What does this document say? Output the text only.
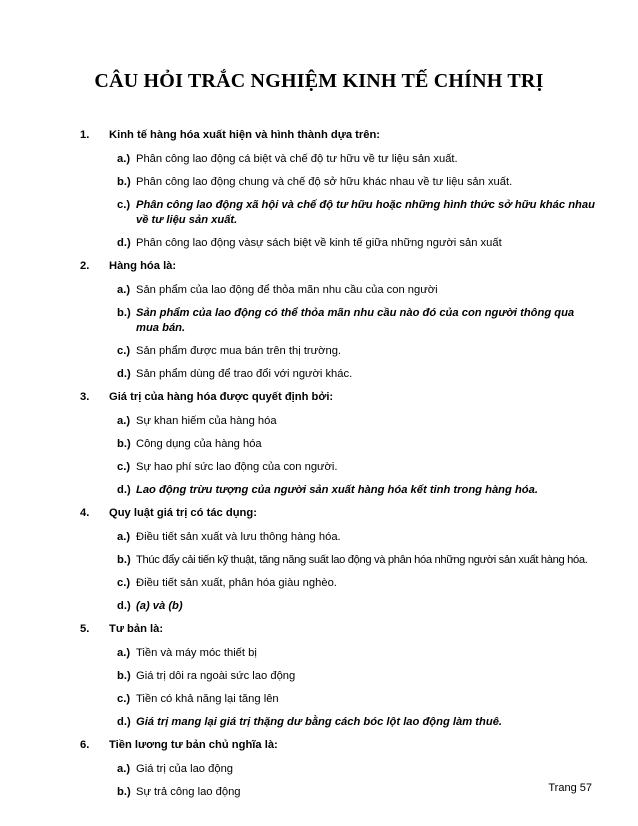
CÂU HỎI TRẮC NGHIỆM KINH TẾ CHÍNH TRỊ
1. Kinh tế hàng hóa xuất hiện và hình thành dựa trên:
a.) Phân công lao động cá biệt và chế độ tư hữu về tư liệu sản xuất.
b.) Phân công lao động chung và chế độ sở hữu khác nhau về tư liệu sản xuất.
c.) Phân công lao động xã hội và chế độ tư hữu hoặc những hình thức sở hữu khác nhau về tư liệu sản xuất.
d.) Phân công lao động vàsự sách biệt về kinh tế giữa những người sản xuất
2. Hàng hóa là:
a.) Sản phẩm của lao động để thỏa mãn nhu cầu của con người
b.) Sản phẩm của lao động có thể thỏa mãn nhu cầu nào đó của con người thông qua mua bán.
c.) Sản phẩm được mua bán trên thị trường.
d.) Sản phẩm dùng để trao đổi với người khác.
3. Giá trị của hàng hóa được quyết định bởi:
a.) Sự khan hiếm của hàng hóa
b.) Công dụng của hàng hóa
c.) Sự hao phí sức lao động của con người.
d.) Lao động trừu tượng của người sản xuất hàng hóa kết tinh trong hàng hóa.
4. Quy luật giá trị có tác dụng:
a.) Điều tiết sản xuất và lưu thông hàng hóa.
b.) Thúc đẩy cải tiến kỹ thuật, tăng năng suất lao động và phân hóa những người sản xuất hàng hóa.
c.) Điều tiết sản xuất, phân hóa giàu nghèo.
d.) (a) và (b)
5. Tư bản là:
a.) Tiền và máy móc thiết bị
b.) Giá trị dôi ra ngoài sức lao động
c.) Tiền có khả năng lại tăng lên
d.) Giá trị mang lại giá trị thặng dư bằng cách bóc lột lao động làm thuê.
6. Tiền lương tư bản chủ nghĩa là:
a.) Giá trị của lao động
b.) Sự trả công lao động	Trang 57
